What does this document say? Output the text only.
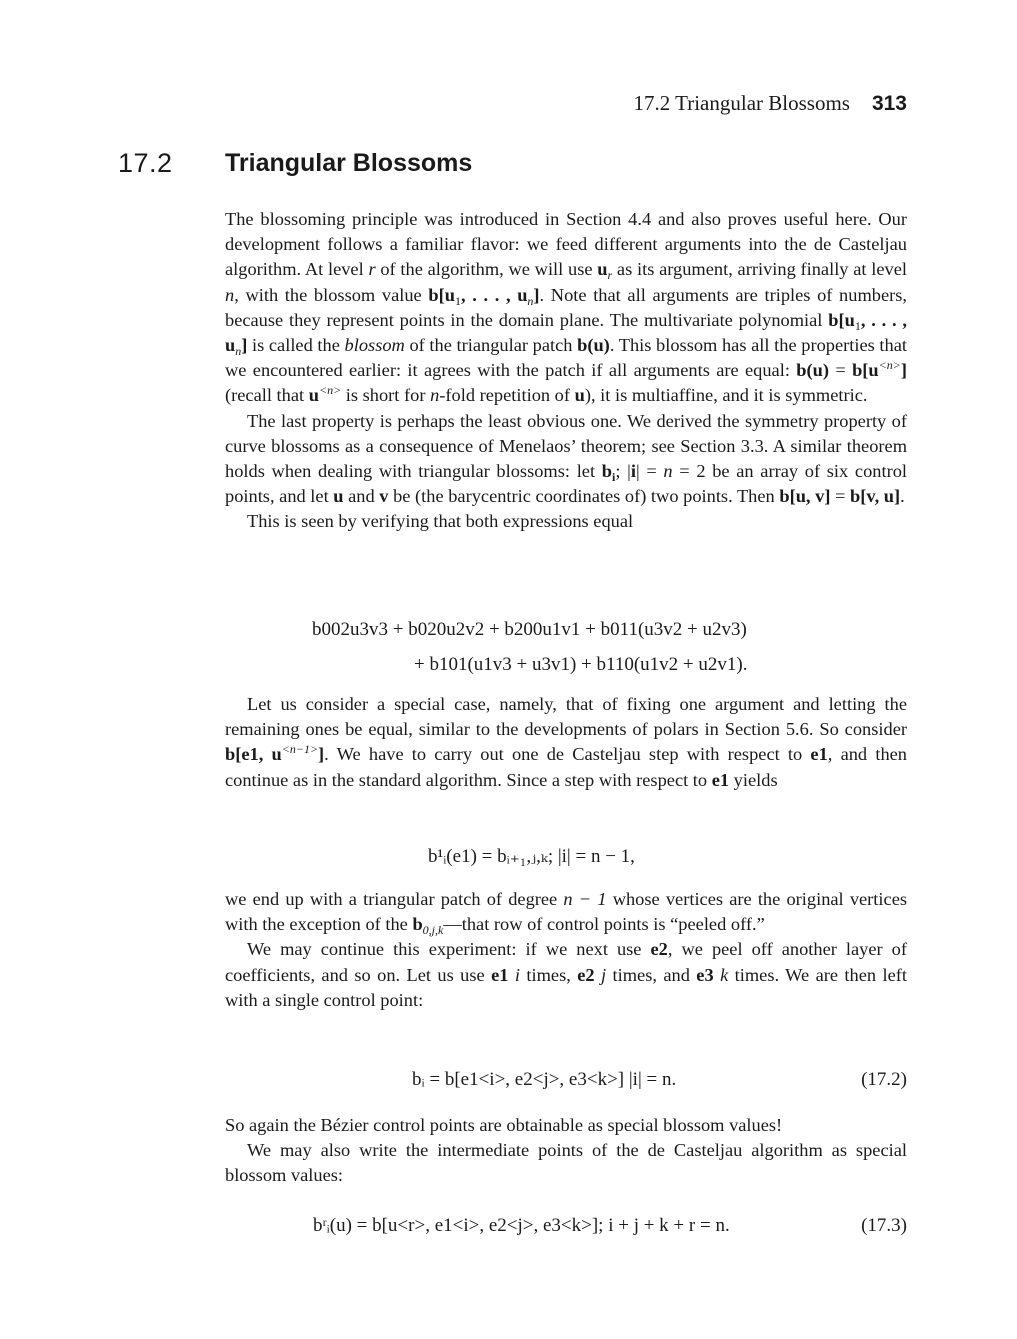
17.2 Triangular Blossoms 313
17.2 Triangular Blossoms

The blossoming principle was introduced in Section 4.4 and also proves useful here. Our development follows a familiar flavor: we feed different arguments into the de Casteljau algorithm. At level r of the algorithm, we will use $u_r$ as its argument, arriving finally at level n, with the blossom value $b[u_1$, . . . , $u_n$]. Note that all arguments are triples of numbers, because they represent points in the domain plane. The multivariate polynomial $b[u_1$, . . . , $u_n$] is called the blossom of the triangular patch b(u). This blossom has all the properties that we encountered earlier: it agrees with the patch if all arguments are equal: $b(u) = b[u^{<n>}]$ (recall that $u^{<n>}$ is short for n-fold repetition of u), it is multiaffine, and it is symmetric.

The last property is perhaps the least obvious one. We derived the symmetry property of curve blossoms as a consequence of Menelaos’ theorem; see Section 3.3. A similar theorem holds when dealing with triangular blossoms: let $b_i$; |i| = n = 2 be an array of six control points, and let u and v be (the barycentric coordinates of) two points. Then b[u, v] = b[v, u].

This is seen by verifying that both expressions equal

b002u3v3 + b020u2v2 + b200u1v1 + b011(u3v2 + u2v3)
+ b101(u1v3 + u3v1) + b110(u1v2 + u2v1).

Let us consider a special case, namely, that of fixing one argument and letting the remaining ones be equal, similar to the developments of polars in Section 5.6. So consider b[e1, $u^{<n-1>}$]. We have to carry out one de Casteljau step with respect to e1, and then continue as in the standard algorithm. Since a step with respect to e1 yields

b¹ᵢ(e1) = bᵢ₊₁,ⱼ,ₖ; |i| = n − 1,

we end up with a triangular patch of degree n − 1 whose vertices are the original vertices with the exception of the $b_{0,j,k}—that$ row of control points is “peeled off.”

We may continue this experiment: if we next use e2, we peel off another layer of coefficients, and so on. Let us use e1 i times, e2 j times, and e3 k times. We are then left with a single control point:

bᵢ = b[e1<i>, e2<j>, e3<k>] |i| = n.	(17.2)

So again the Bézier control points are obtainable as special blossom values!

We may also write the intermediate points of the de Casteljau algorithm as special blossom values:

bʳᵢ(u) = b[u<r>, e1<i>, e2<j>, e3<k>]; i + j + k + r = n.	(17.3)
